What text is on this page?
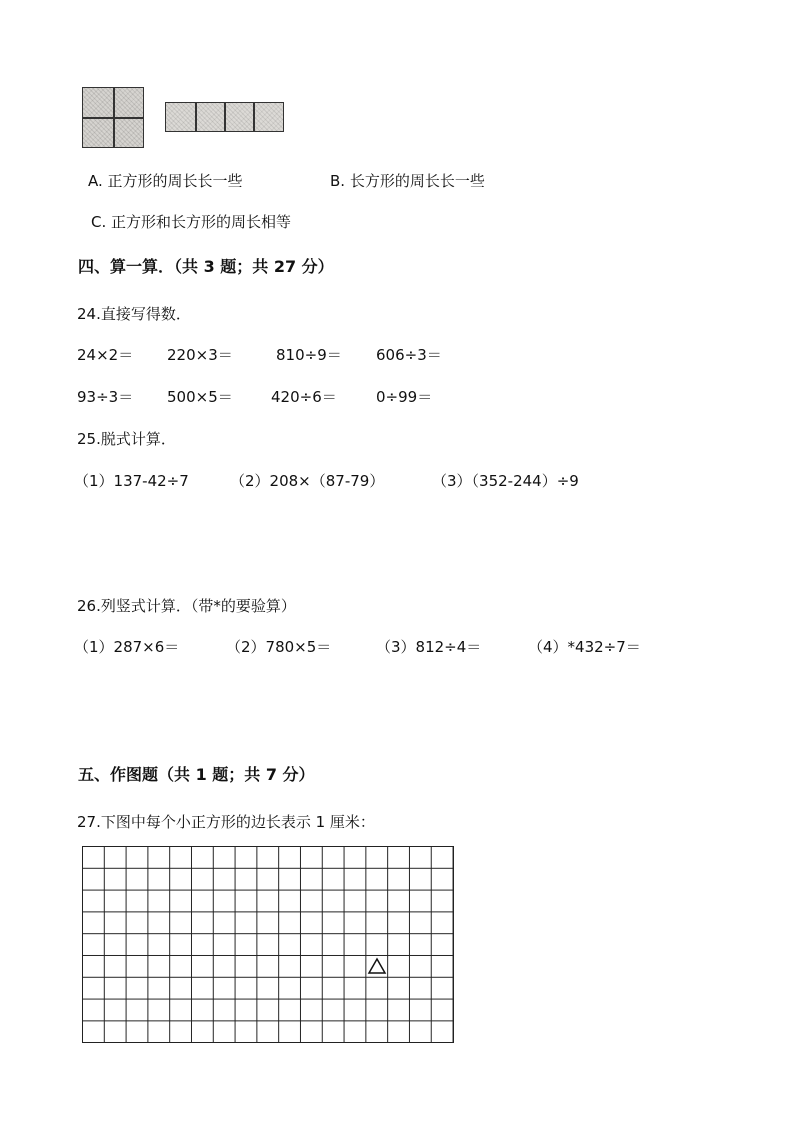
A. 正方形的周长长一些	B. 长方形的周长长一些
C. 正方形和长方形的周长相等
四、算一算．（共 3 题；共 27 分）
24.直接写得数．
24×2＝ 220×3＝	810÷9＝ 606÷3＝
93÷3＝ 500×5＝	420÷6＝	0÷99＝
25.脱式计算．
（1）137-42÷7	（2）208×（87-79）	（3）（352-244）÷9
26.列竖式计算．（带*的要验算）
（1）287×6＝	（2）780×5＝	（3）812÷4＝	（4）*432÷7＝
五、作图题（共 1 题；共 7 分）
27.下图中每个小正方形的边长表示 1 厘米：
